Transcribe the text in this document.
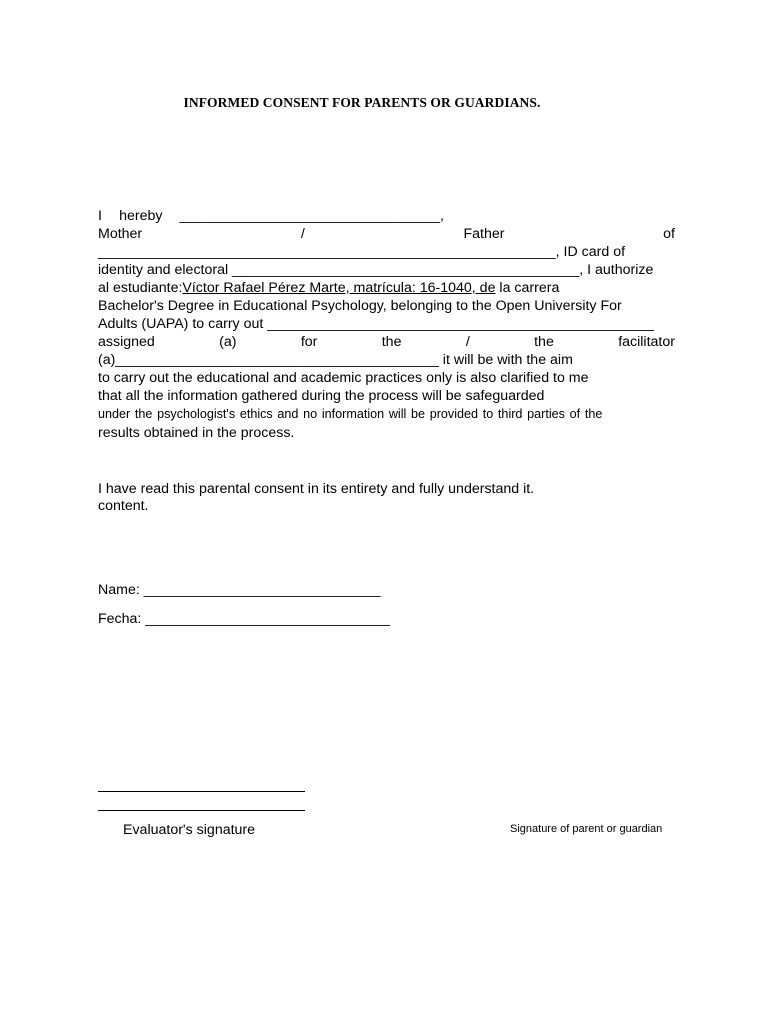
INFORMED CONSENT FOR PARENTS OR GUARDIANS.
I hereby _________________________________,
Mother	/	Father	of
__________________________________________________________, ID card of
identity and electoral ____________________________________________, I authorize
al estudiante:Víctor Rafael Pérez Marte, matrícula: 16-1040, de la carrera
Bachelor's Degree in Educational Psychology, belonging to the Open University For
Adults (UAPA) to carry out _________________________________________________
assigned	(a)	for	the	/	the	facilitator
(a)_________________________________________ it will be with the aim
to carry out the educational and academic practices only is also clarified to me
that all the information gathered during the process will be safeguarded
under the psychologist's ethics and no information will be provided to third parties of the
results obtained in the process.
I have read this parental consent in its entirety and fully understand it.
content.
Name: ______________________________
Fecha: _______________________________
Evaluator's signature	Signature of parent or guardian
